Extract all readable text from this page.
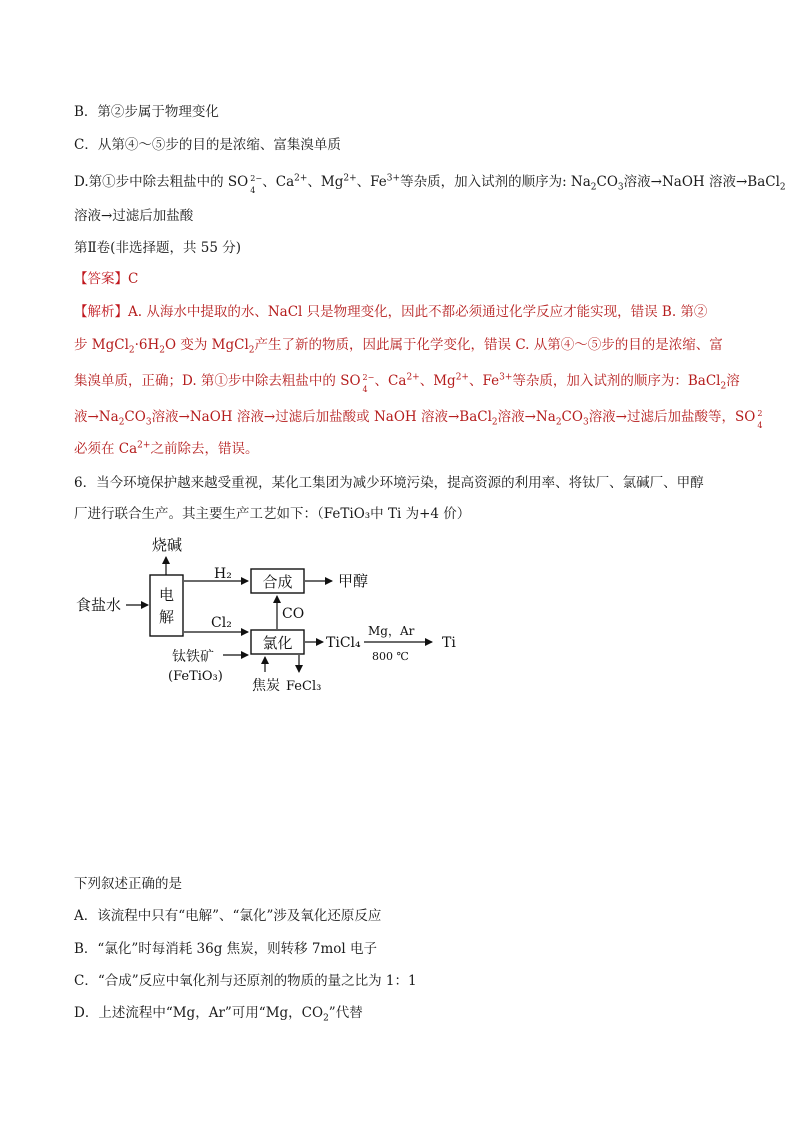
B．第②步属于物理变化
C．从第④～⑤步的目的是浓缩、富集溴单质
D.第①步中除去粗盐中的 SO 2−
4
、$Ca^{2+}$、$Mg^{2+}$、$Fe^{3+}$等杂质，加入试剂的顺序为: $Na_2CO_3$溶液→NaOH 溶液→BaCl$_2$
溶液→过滤后加盐酸
第Ⅱ卷(非选择题，共 55 分)
【答案】C
【解析】A. 从海水中提取的水、NaCl 只是物理变化，因此不都必须通过化学反应才能实现，错误 B. 第②
步 $MgCl_2\cdot 6H_2O$ 变为 MgCl$_2$产生了新的物质，因此属于化学变化，错误 C. 从第④～⑤步的目的是浓缩、富
集溴单质，正确；D. 第①步中除去粗盐中的 SO 2−
4
、$Ca^{2+}$、$Mg^{2+}$、$Fe^{3+}$等杂质，加入试剂的顺序为：BaCl$_2$溶
液$\to Na_2CO_3$溶液→NaOH 溶液→过滤后加盐酸或 NaOH 溶液→BaCl$_2$溶液$\to Na_2CO_3$溶液→过滤后加盐酸等，SO 2
4
必须在 $Ca^{2+}$之前除去，错误。
6．当今环境保护越来越受重视，某化工集团为减少环境污染，提高资源的利用率、将钛厂、氯碱厂、甲醇
厂进行联合生产。其主要生产工艺如下：（FeTiO₃中 Ti 为+4 价）
电
解
烧碱
食盐水
H₂ 合成	甲醇
CO
Cl₂
氯化 TiCl₄
Mg，Ar
800 ℃
Ti
钛铁矿
(FeTiO₃)
焦炭 FeCl₃
下列叙述正确的是
A．该流程中只有“电解”、“氯化”涉及氧化还原反应
B．“氯化”时每消耗 36g 焦炭，则转移 7mol 电子
C．“合成”反应中氧化剂与还原剂的物质的量之比为 1：1
D．上述流程中“Mg，Ar”可用“Mg，$CO_2$”代替
